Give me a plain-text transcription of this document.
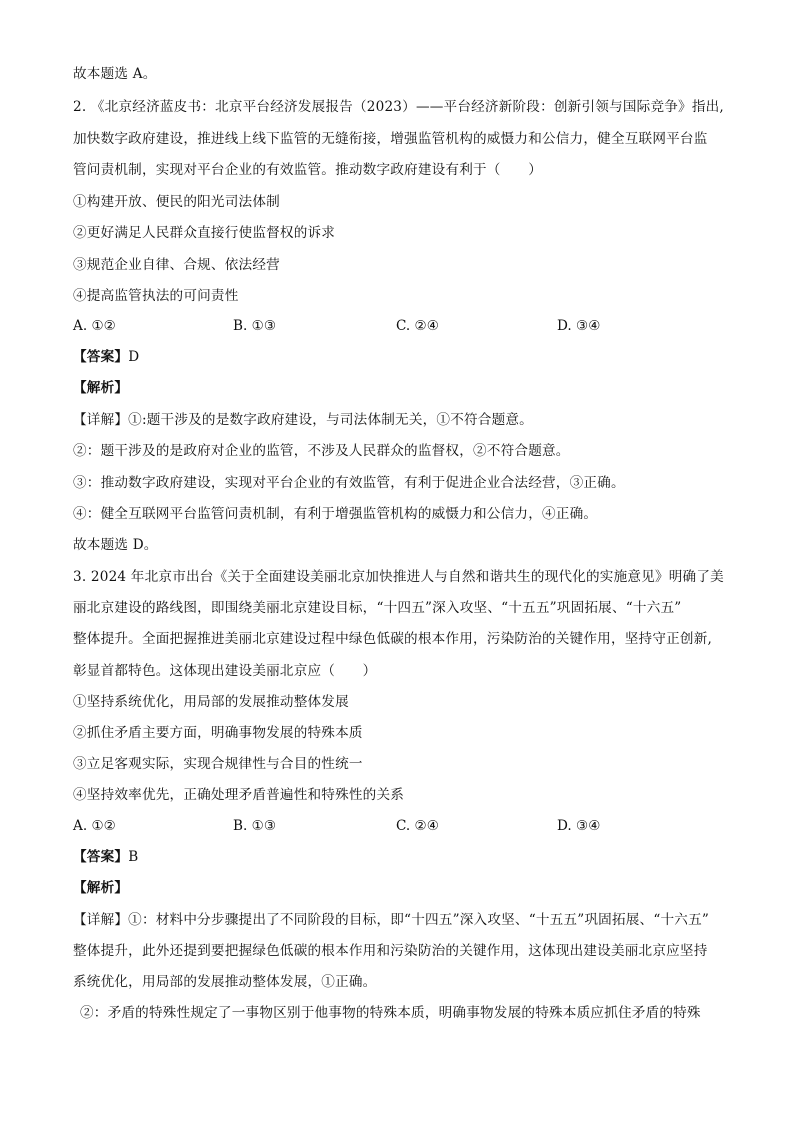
故本题选 A。
2. 《北京经济蓝皮书：北京平台经济发展报告（2023）——平台经济新阶段：创新引领与国际竞争》指出,
加快数字政府建设，推进线上线下监管的无缝衔接，增强监管机构的威慑力和公信力，健全互联网平台监
管问责机制，实现对平台企业的有效监管。推动数字政府建设有利于（　　）
①构建开放、便民的阳光司法体制
②更好满足人民群众直接行使监督权的诉求
③规范企业自律、合规、依法经营
④提高监管执法的可问责性
A. ①②	B. ①③	C. ②④	D. ③④
【答案】D
【解析】
【详解】①:题干涉及的是数字政府建设，与司法体制无关，①不符合题意。
②：题干涉及的是政府对企业的监管，不涉及人民群众的监督权，②不符合题意。
③：推动数字政府建设，实现对平台企业的有效监管，有利于促进企业合法经营，③正确。
④：健全互联网平台监管问责机制，有利于增强监管机构的威慑力和公信力，④正确。
故本题选 D。
3. 2024 年北京市出台《关于全面建设美丽北京加快推进人与自然和谐共生的现代化的实施意见》明确了美
丽北京建设的路线图，即围绕美丽北京建设目标，“十四五”深入攻坚、“十五五”巩固拓展、“十六五”
整体提升。全面把握推进美丽北京建设过程中绿色低碳的根本作用，污染防治的关键作用，坚持守正创新,
彰显首都特色。这体现出建设美丽北京应（　　）
①坚持系统优化，用局部的发展推动整体发展
②抓住矛盾主要方面，明确事物发展的特殊本质
③立足客观实际，实现合规律性与合目的性统一
④坚持效率优先，正确处理矛盾普遍性和特殊性的关系
A. ①②	B. ①③	C. ②④	D. ③④
【答案】B
【解析】
【详解】①：材料中分步骤提出了不同阶段的目标，即“十四五”深入攻坚、“十五五”巩固拓展、“十六五”
整体提升，此外还提到要把握绿色低碳的根本作用和污染防治的关键作用，这体现出建设美丽北京应坚持
系统优化，用局部的发展推动整体发展，①正确。
②：矛盾的特殊性规定了一事物区别于他事物的特殊本质，明确事物发展的特殊本质应抓住矛盾的特殊
